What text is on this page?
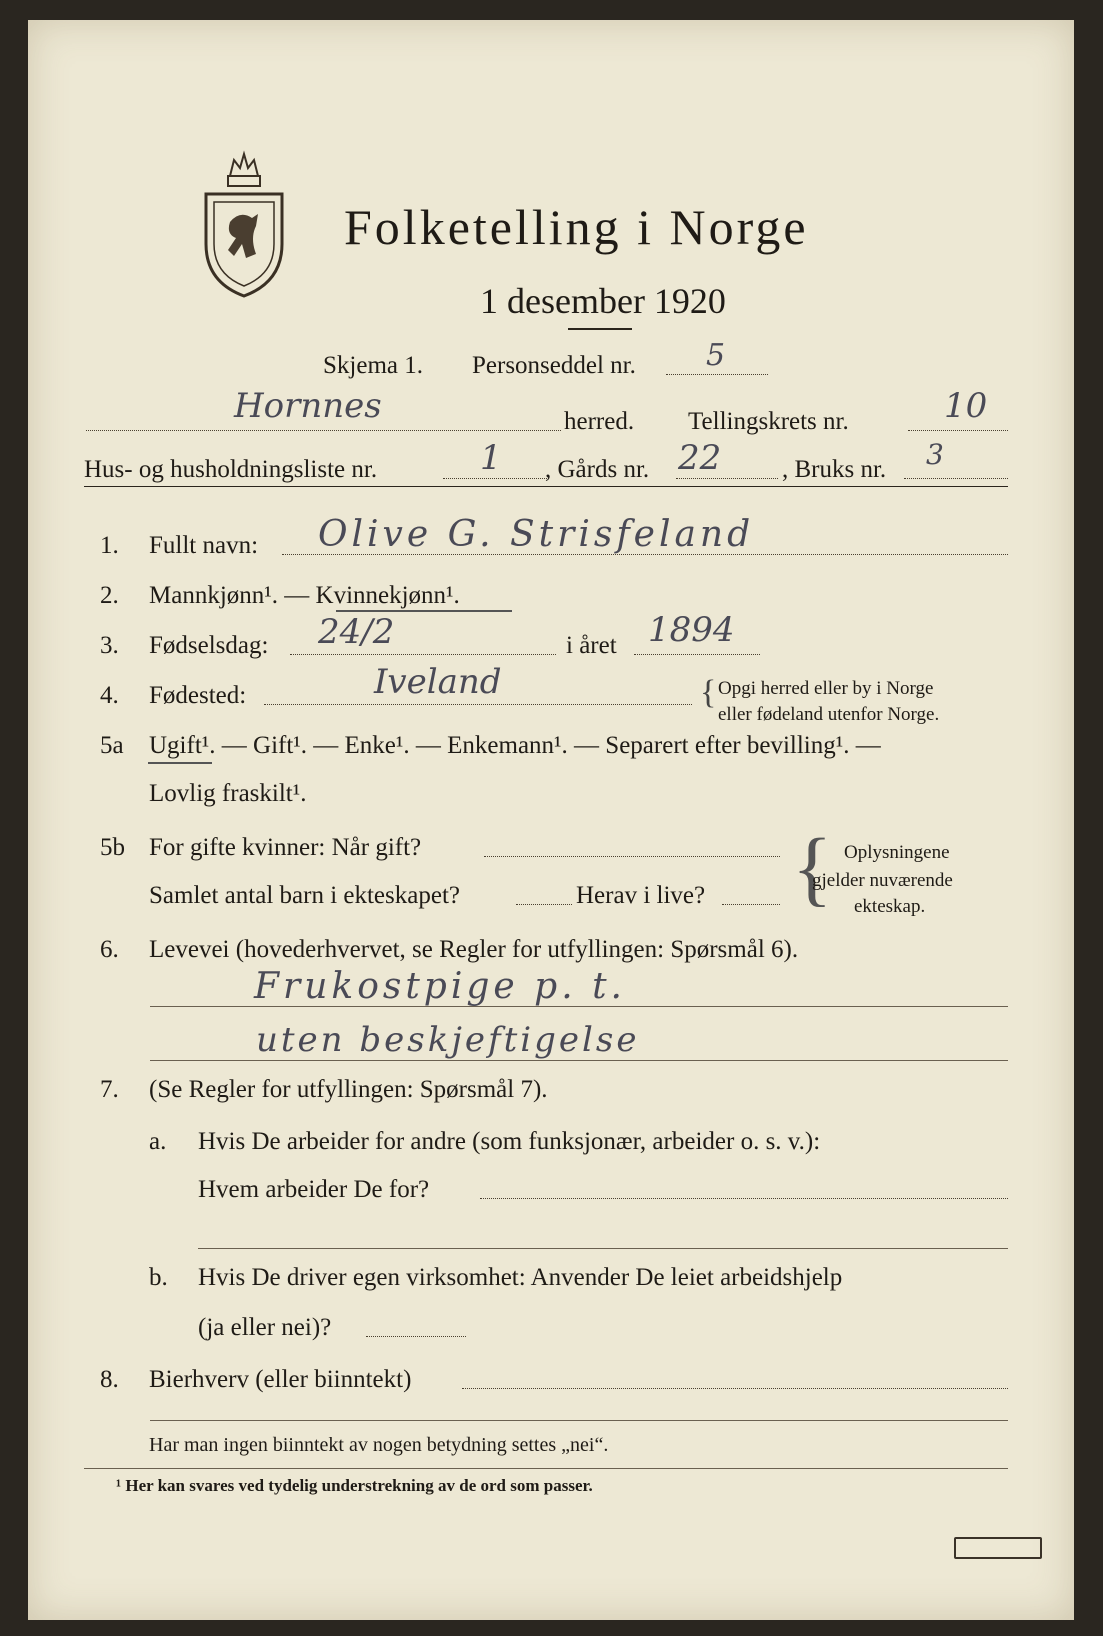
Folketelling i Norge
1 desember 1920
Skjema 1. Personseddel nr. 5
Hornnes	herred. Tellingskrets nr.	10
Hus- og husholdningsliste nr.	1 , Gårds nr. 22 , Bruks nr. 3
1. Fullt navn: Olive G. Strisfeland
2. Mannkjønn¹. — Kvinnekjønn¹.
3. Fødselsdag: 24/2	i året 1894
4. Fødested:	Iveland	{ Opgi herred eller by i Norge
eller fødeland utenfor Norge.
5a Ugift¹. — Gift¹. — Enke¹. — Enkemann¹. — Separert efter bevilling¹. —
Lovlig fraskilt¹.
5b For gifte kvinner: Når gift?
Samlet antal barn i ekteskapet?	Herav i live? { Oplysningene
gjelder nuværende
ekteskap.
6. Levevei (hovederhvervet, se Regler for utfyllingen: Spørsmål 6).
Frukostpige p. t.
uten beskjeftigelse
7. (Se Regler for utfyllingen: Spørsmål 7).
a. Hvis De arbeider for andre (som funksjonær, arbeider o. s. v.):
Hvem arbeider De for?
b. Hvis De driver egen virksomhet: Anvender De leiet arbeidshjelp
(ja eller nei)?
8. Bierhverv (eller biinntekt)
Har man ingen biinntekt av nogen betydning settes „nei“.
¹ Her kan svares ved tydelig understrekning av de ord som passer.
